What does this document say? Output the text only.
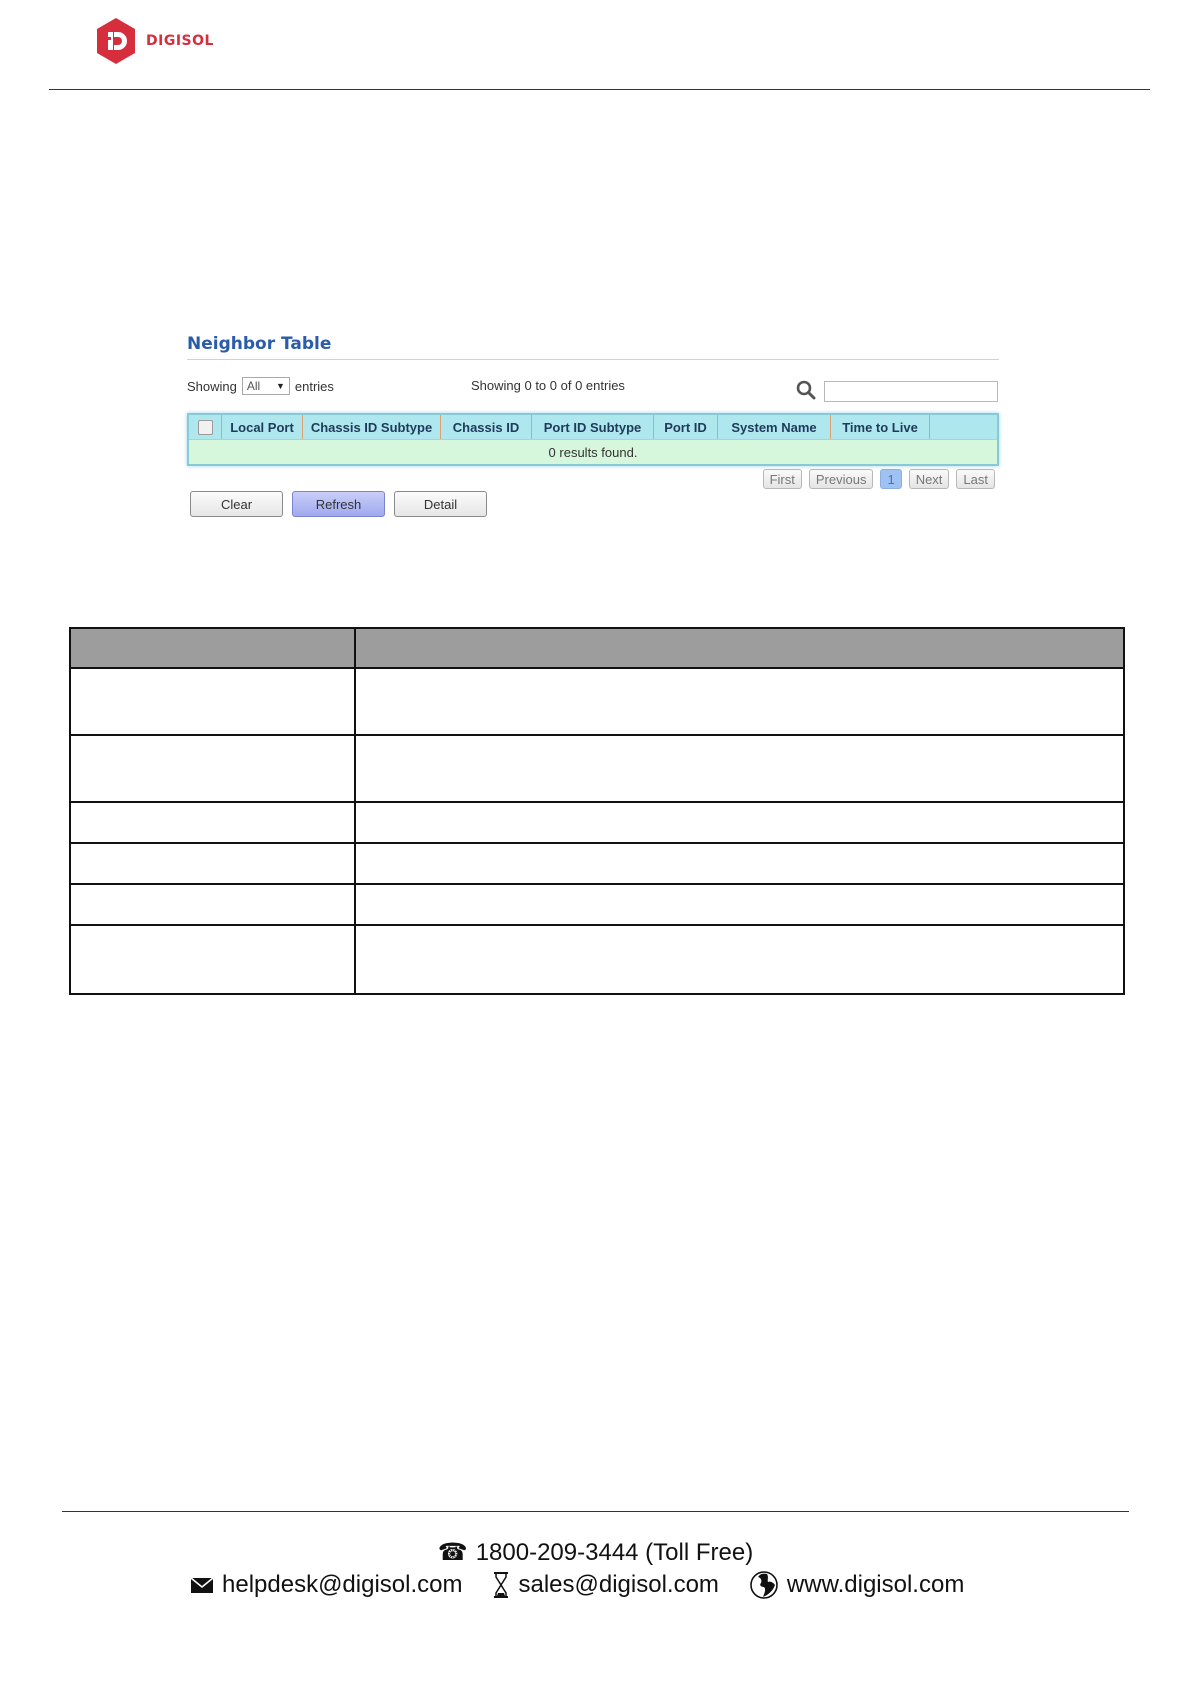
DIGISOL
Neighbor Table
Showing All ▼ entries	Showing 0 to 0 of 0 entries
Local Port	Chassis ID Subtype	Chassis ID	Port ID Subtype	Port ID	System Name	Time to Live
0 results found.
First	Previous	1	Next	Last
Clear	Refresh	Detail

☎ 1800-209-3444 (Toll Free)
helpdesk@digisol.com sales@digisol.com	www.digisol.com
